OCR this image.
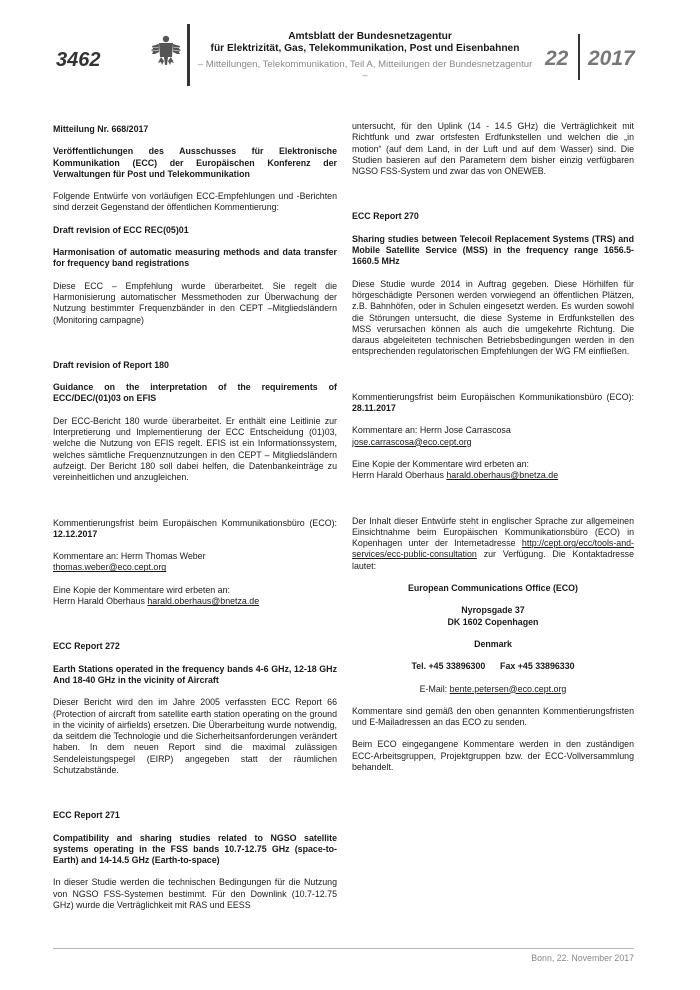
3462
Amtsblatt der Bundesnetzagentur
für Elektrizität, Gas, Telekommunikation, Post und Eisenbahnen
– Mitteilungen, Telekommunikation, Teil A, Mitteilungen der Bundesnetzagentur –
22 2017

Mitteilung Nr. 668/2017

Veröffentlichungen des Ausschusses für Elektronische Kommunikation (ECC) der Europäischen Konferenz der Verwaltungen für Post und Telekommunikation

Folgende Entwürfe von vorläufigen ECC-Empfehlungen und -Berichten sind derzeit Gegenstand der öffentlichen Kommentierung:

Draft revision of ECC REC(05)01

Harmonisation of automatic measuring methods and data transfer for frequency band registrations

Diese ECC – Empfehlung wurde überarbeitet. Sie regelt die Harmonisierung automatischer Messmethoden zur Überwachung der Nutzung bestimmter Frequenzbänder in den CEPT –Mitgliedsländern (Monitoring campagne)

Draft revision of Report 180

Guidance on the interpretation of the requirements of ECC/DEC/(01)03 on EFIS

Der ECC-Bericht 180 wurde überarbeitet. Er enthält eine Leitlinie zur Interpretierung und Implementierung der ECC Entscheidung (01)03, welche die Nutzung von EFIS regelt. EFIS ist ein Informationssystem, welches sämtliche Frequenznutzungen in den CEPT – Mitgliedsländern aufzeigt. Der Bericht 180 soll dabei helfen, die Datenbankeinträge zu vereinheitlichen und anzugleichen.

Kommentierungsfrist beim Europäischen Kommunikationsbüro (ECO): 12.12.2017

Kommentare an: Herrn Thomas Weber

thomas.weber@eco.cept.org

Eine Kopie der Kommentare wird erbeten an:

Herrn Harald Oberhaus harald.oberhaus@bnetza.de

ECC Report 272

Earth Stations operated in the frequency bands 4-6 GHz, 12-18 GHz And 18-40 GHz in the vicinity of Aircraft

Dieser Bericht wird den im Jahre 2005 verfassten ECC Report 66 (Protection of aircraft from satellite earth station operating on the ground in the vicinity of airfields) ersetzen. Die Überarbeitung wurde notwendig, da seitdem die Technologie und die Sicherheitsanforderungen verändert haben. In dem neuen Report sind die maximal zulässigen Sendeleistungspegel (EIRP) angegeben statt der räumlichen Schutzabstände.

ECC Report 271

Compatibility and sharing studies related to NGSO satellite systems operating in the FSS bands 10.7-12.75 GHz (space-to-Earth) and 14-14.5 GHz (Earth-to-space)

In dieser Studie werden die technischen Bedingungen für die Nutzung von NGSO FSS-Systemen bestimmt. Für den Downlink (10.7-12.75 GHz) wurde die Verträglichkeit mit RAS und EESS

untersucht, für den Uplink (14 - 14.5 GHz) die Verträglichkeit mit Richtfunk und zwar ortsfesten Erdfunkstellen und welchen die „in motion“ (auf dem Land, in der Luft und auf dem Wasser) sind. Die Studien basieren auf den Parametern dem bisher einzig verfügbaren NGSO FSS-System und zwar das von ONEWEB.

ECC Report 270

Sharing studies between Telecoil Replacement Systems (TRS) and Mobile Satellite Service (MSS) in the frequency range 1656.5-1660.5 MHz

Diese Studie wurde 2014 in Auftrag gegeben. Diese Hörhilfen für hörgeschädigte Personen werden vorwiegend an öffentlichen Plätzen, z.B. Bahnhöfen, oder in Schulen eingesetzt werden. Es wurden sowohl die Störungen untersucht, die diese Systeme in Erdfunkstellen des MSS verursachen können als auch die umgekehrte Richtung. Die daraus abgeleiteten technischen Betriebsbedingungen werden in den entsprechenden regulatorischen Empfehlungen der WG FM einfließen.

Kommentierungsfrist beim Europäischen Kommunikationsbüro (ECO): 28.11.2017

Kommentare an: Herrn Jose Carrascosa

jose.carrascosa@eco.cept.org

Eine Kopie der Kommentare wird erbeten an:

Herrn Harald Oberhaus harald.oberhaus@bnetza.de

Der Inhalt dieser Entwürfe steht in englischer Sprache zur allgemeinen Einsichtnahme beim Europäischen Kommunikationsbüro (ECO) in Kopenhagen unter der Internetadresse http://cept.org/ecc/tools-and-services/ecc-public-consultation zur Verfügung. Die Kontaktadresse lautet:

European Communications Office (ECO)

Nyropsgade 37

DK 1602 Copenhagen

Denmark

Tel. +45 33896300      Fax +45 33896330

E-Mail: bente.petersen@eco.cept.org

Kommentare sind gemäß den oben genannten Kommentierungsfristen und E-Mailadressen an das ECO zu senden.

Beim ECO eingegangene Kommentare werden in den zuständigen ECC-Arbeitsgruppen, Projektgruppen bzw. der ECC-Vollversammlung behandelt.

Bonn, 22. November 2017
